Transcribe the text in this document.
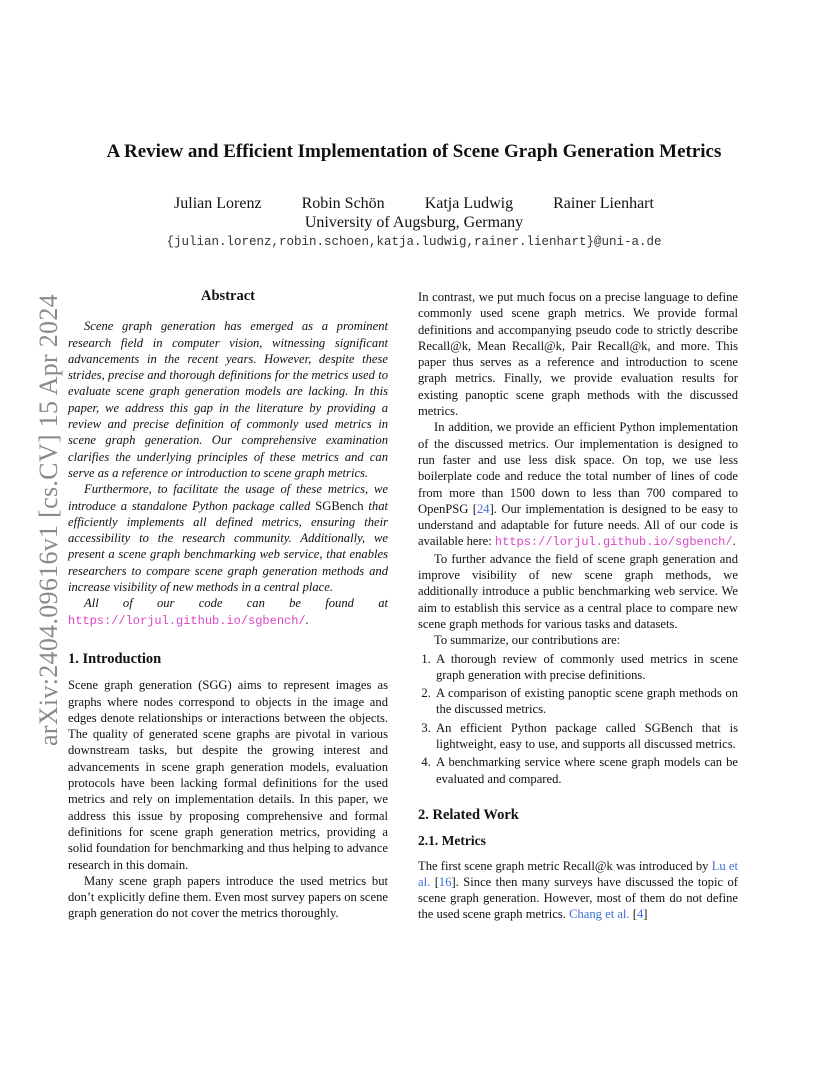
arXiv:2404.09616v1 [cs.CV] 15 Apr 2024
A Review and Efficient Implementation of Scene Graph Generation Metrics
Julian Lorenz	Robin Schön	Katja Ludwig	Rainer Lienhart
University of Augsburg, Germany
{julian.lorenz,robin.schoen,katja.ludwig,rainer.lienhart}@uni-a.de
Abstract

Scene graph generation has emerged as a prominent research field in computer vision, witnessing significant advancements in the recent years. However, despite these strides, precise and thorough definitions for the metrics used to evaluate scene graph generation models are lacking. In this paper, we address this gap in the literature by providing a review and precise definition of commonly used metrics in scene graph generation. Our comprehensive examination clarifies the underlying principles of these metrics and can serve as a reference or introduction to scene graph metrics.

Furthermore, to facilitate the usage of these metrics, we introduce a standalone Python package called SGBench that efficiently implements all defined metrics, ensuring their accessibility to the research community. Additionally, we present a scene graph benchmarking web service, that enables researchers to compare scene graph generation methods and increase visibility of new methods in a central place.

All of our code can be found at https://lorjul.github.io/sgbench/.

1. Introduction

Scene graph generation (SGG) aims to represent images as graphs where nodes correspond to objects in the image and edges denote relationships or interactions between the objects. The quality of generated scene graphs are pivotal in various downstream tasks, but despite the growing interest and advancements in scene graph generation models, evaluation protocols have been lacking formal definitions for the used metrics and rely on implementation details. In this paper, we address this issue by proposing comprehensive and formal definitions for scene graph generation metrics, providing a solid foundation for benchmarking and thus helping to advance research in this domain.

Many scene graph papers introduce the used metrics but don’t explicitly define them. Even most survey papers on scene graph generation do not cover the metrics thoroughly.

In contrast, we put much focus on a precise language to define commonly used scene graph metrics. We provide formal definitions and accompanying pseudo code to strictly describe Recall@k, Mean Recall@k, Pair Recall@k, and more. This paper thus serves as a reference and introduction to scene graph metrics. Finally, we provide evaluation results for existing panoptic scene graph methods with the discussed metrics.

In addition, we provide an efficient Python implementation of the discussed metrics. Our implementation is designed to run faster and use less disk space. On top, we use less boilerplate code and reduce the total number of lines of code from more than 1500 down to less than 700 compared to OpenPSG [24]. Our implementation is designed to be easy to understand and adaptable for future needs. All of our code is available here: https://lorjul.github.io/sgbench/.

To further advance the field of scene graph generation and improve visibility of new scene graph methods, we additionally introduce a public benchmarking web service. We aim to establish this service as a central place to compare new scene graph methods for various tasks and datasets.

To summarize, our contributions are:

1. A thorough review of commonly used metrics in scene graph generation with precise definitions.
2. A comparison of existing panoptic scene graph methods on the discussed metrics.
3. An efficient Python package called SGBench that is lightweight, easy to use, and supports all discussed metrics.
4. A benchmarking service where scene graph models can be evaluated and compared.
2. Related Work
2.1. Metrics

The first scene graph metric Recall@k was introduced by Lu et al. [16]. Since then many surveys have discussed the topic of scene graph generation. However, most of them do not define the used scene graph metrics. Chang et al. [4]
